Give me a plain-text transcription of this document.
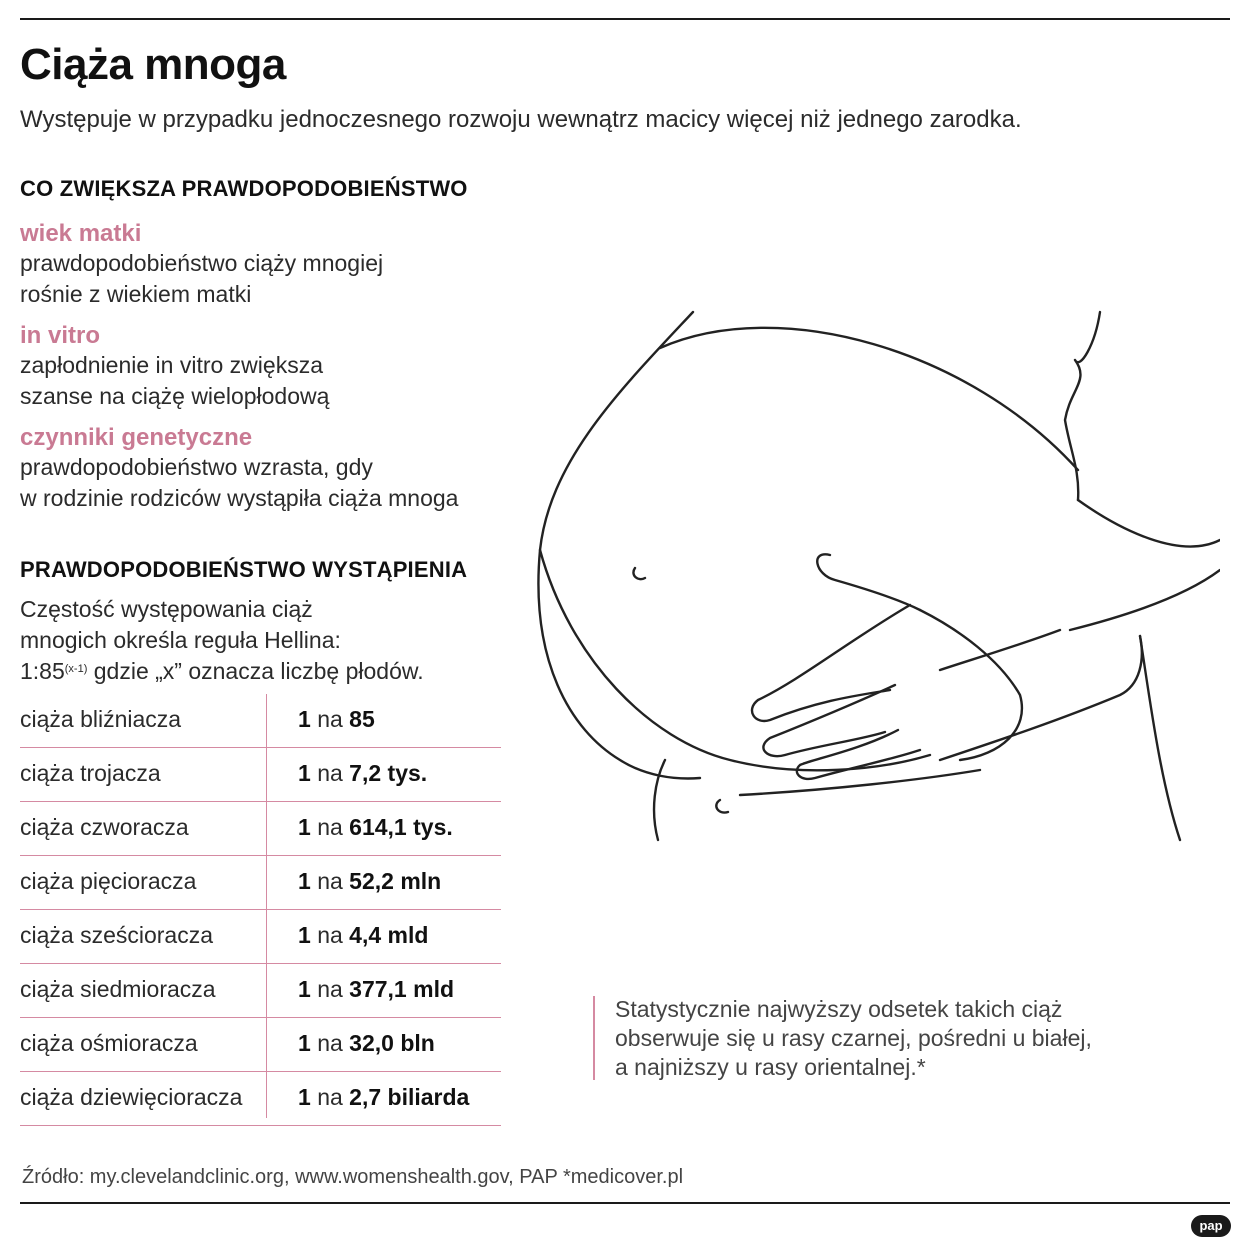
Ciąża mnoga

Występuje w przypadku jednoczesnego rozwoju wewnątrz macicy więcej niż jednego zarodka.

CO ZWIĘKSZA PRAWDOPODOBIEŃSTWO
wiek matki
prawdopodobieństwo ciąży mnogiej
rośnie z wiekiem matki
in vitro
zapłodnienie in vitro zwiększa
szanse na ciążę wielopłodową
czynniki genetyczne
prawdopodobieństwo wzrasta, gdy
w rodzinie rodziców wystąpiła ciąża mnoga
PRAWDOPODOBIEŃSTWO WYSTĄPIENIA
Częstość występowania ciąż
mnogich określa reguła Hellina:
1:85$^{(x-1)}$ gdzie „x” oznacza liczbę płodów.
ciąża bliźniacza	1 na 85
ciąża trojacza	1 na 7,2 tys.
ciąża czworacza	1 na 614,1 tys.
ciąża pięcioracza	1 na 52,2 mln
ciąża sześcioracza	1 na 4,4 mld
ciąża siedmioracza	1 na 377,1 mld
ciąża ośmioracza	1 na 32,0 bln
ciąża dziewięcioracza 1 na 2,7 biliarda
Statystycznie najwyższy odsetek takich ciąż
obserwuje się u rasy czarnej, pośredni u białej,
a najniższy u rasy orientalnej.*
Źródło: my.clevelandclinic.org, www.womenshealth.gov, PAP *medicover.pl
pap
